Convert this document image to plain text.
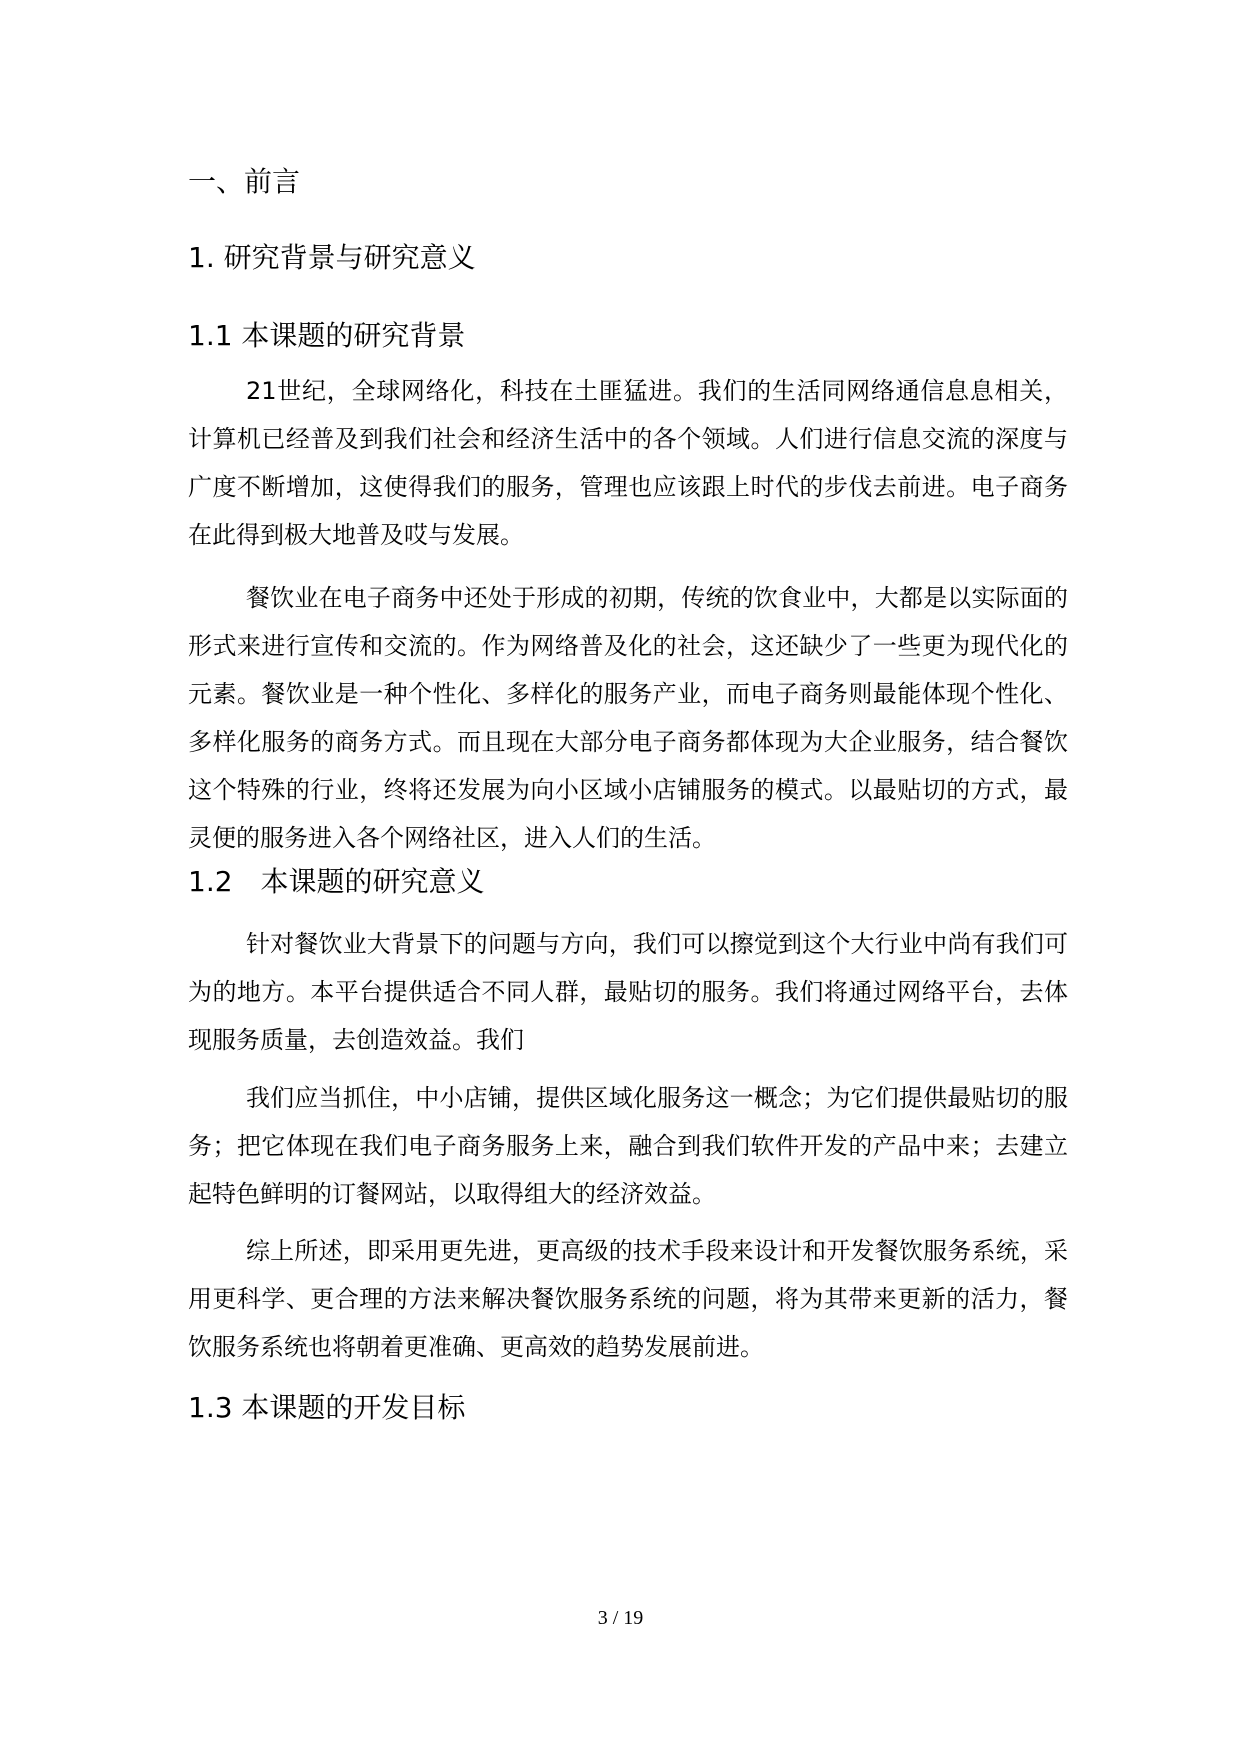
一、前言
1. 研究背景与研究意义
1.1 本课题的研究背景

21世纪，全球网络化，科技在土匪猛进。我们的生活同网络通信息息相关，计算机已经普及到我们社会和经济生活中的各个领域。人们进行信息交流的深度与广度不断增加，这使得我们的服务，管理也应该跟上时代的步伐去前进。电子商务在此得到极大地普及哎与发展。

餐饮业在电子商务中还处于形成的初期，传统的饮食业中，大都是以实际面的形式来进行宣传和交流的。作为网络普及化的社会，这还缺少了一些更为现代化的元素。餐饮业是一种个性化、多样化的服务产业，而电子商务则最能体现个性化、多样化服务的商务方式。而且现在大部分电子商务都体现为大企业服务，结合餐饮这个特殊的行业，终将还发展为向小区域小店铺服务的模式。以最贴切的方式，最灵便的服务进入各个网络社区，进入人们的生活。

1.2　本课题的研究意义

针对餐饮业大背景下的问题与方向，我们可以擦觉到这个大行业中尚有我们可为的地方。本平台提供适合不同人群，最贴切的服务。我们将通过网络平台，去体现服务质量，去创造效益。我们

我们应当抓住，中小店铺，提供区域化服务这一概念；为它们提供最贴切的服务；把它体现在我们电子商务服务上来，融合到我们软件开发的产品中来；去建立起特色鲜明的订餐网站，以取得组大的经济效益。

综上所述，即采用更先进，更高级的技术手段来设计和开发餐饮服务系统，采用更科学、更合理的方法来解决餐饮服务系统的问题，将为其带来更新的活力，餐饮服务系统也将朝着更准确、更高效的趋势发展前进。

1.3 本课题的开发目标
3 / 19
